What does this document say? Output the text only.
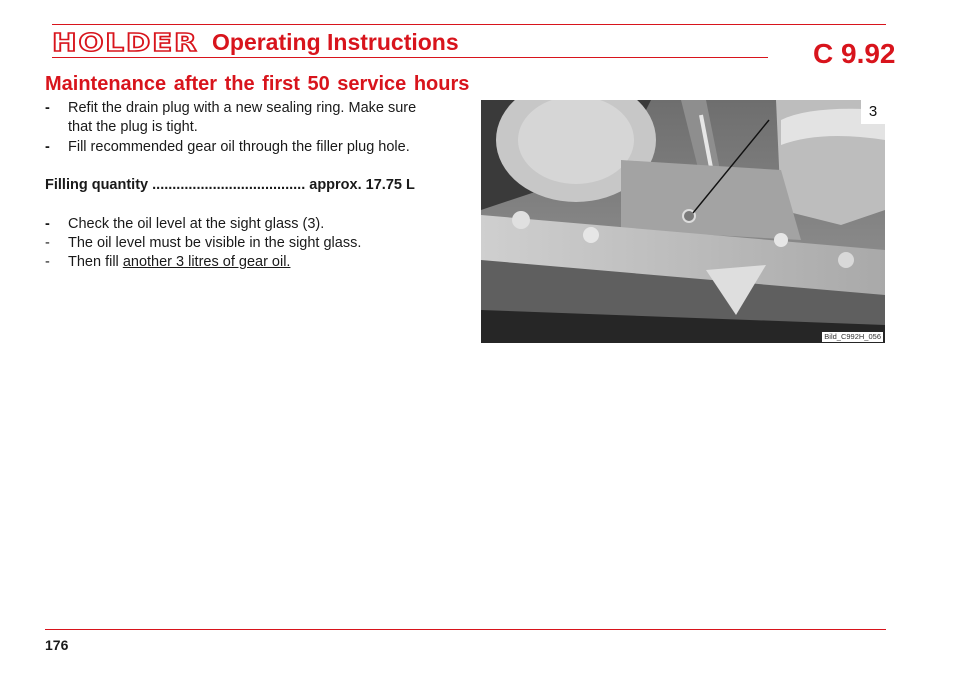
HOLDER Operating Instructions	C 9.92
Maintenance after the first 50 service hours
- Refit the drain plug with a new sealing ring. Make sure
that the plug is tight.
- Fill recommended gear oil through the filler plug hole.
Filling quantity ...................................... approx. 17.75 L
- Check the oil level at the sight glass (3).
- The oil level must be visible in the sight glass.
- Then fill another 3 litres of gear oil.
3
Bild_C992H_056
176
